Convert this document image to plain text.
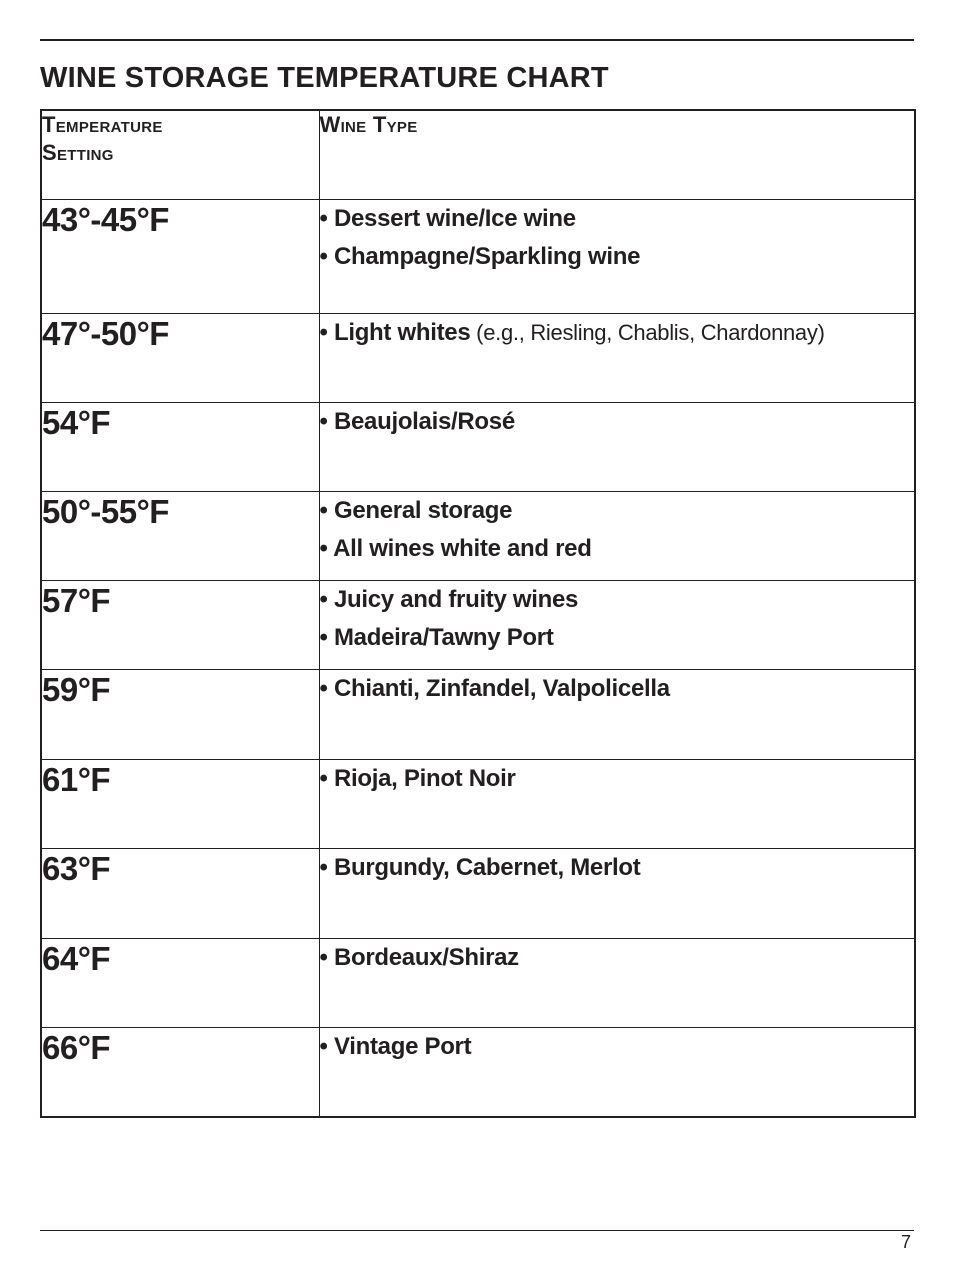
WINE STORAGE TEMPERATURE CHART
Temperature
Setting	Wine Type
43°-45°F	• Dessert wine/Ice wine
• Champagne/Sparkling wine

47°-50°F	• Light whites (e.g., Riesling, Chablis, Chardonnay)

54°F	• Beaujolais/Rosé

50°-55°F	• General storage
• All wines white and red

57°F	• Juicy and fruity wines
• Madeira/Tawny Port

59°F	• Chianti, Zinfandel, Valpolicella

61°F	• Rioja, Pinot Noir

63°F	• Burgundy, Cabernet, Merlot

64°F	• Bordeaux/Shiraz

66°F	• Vintage Port
7
